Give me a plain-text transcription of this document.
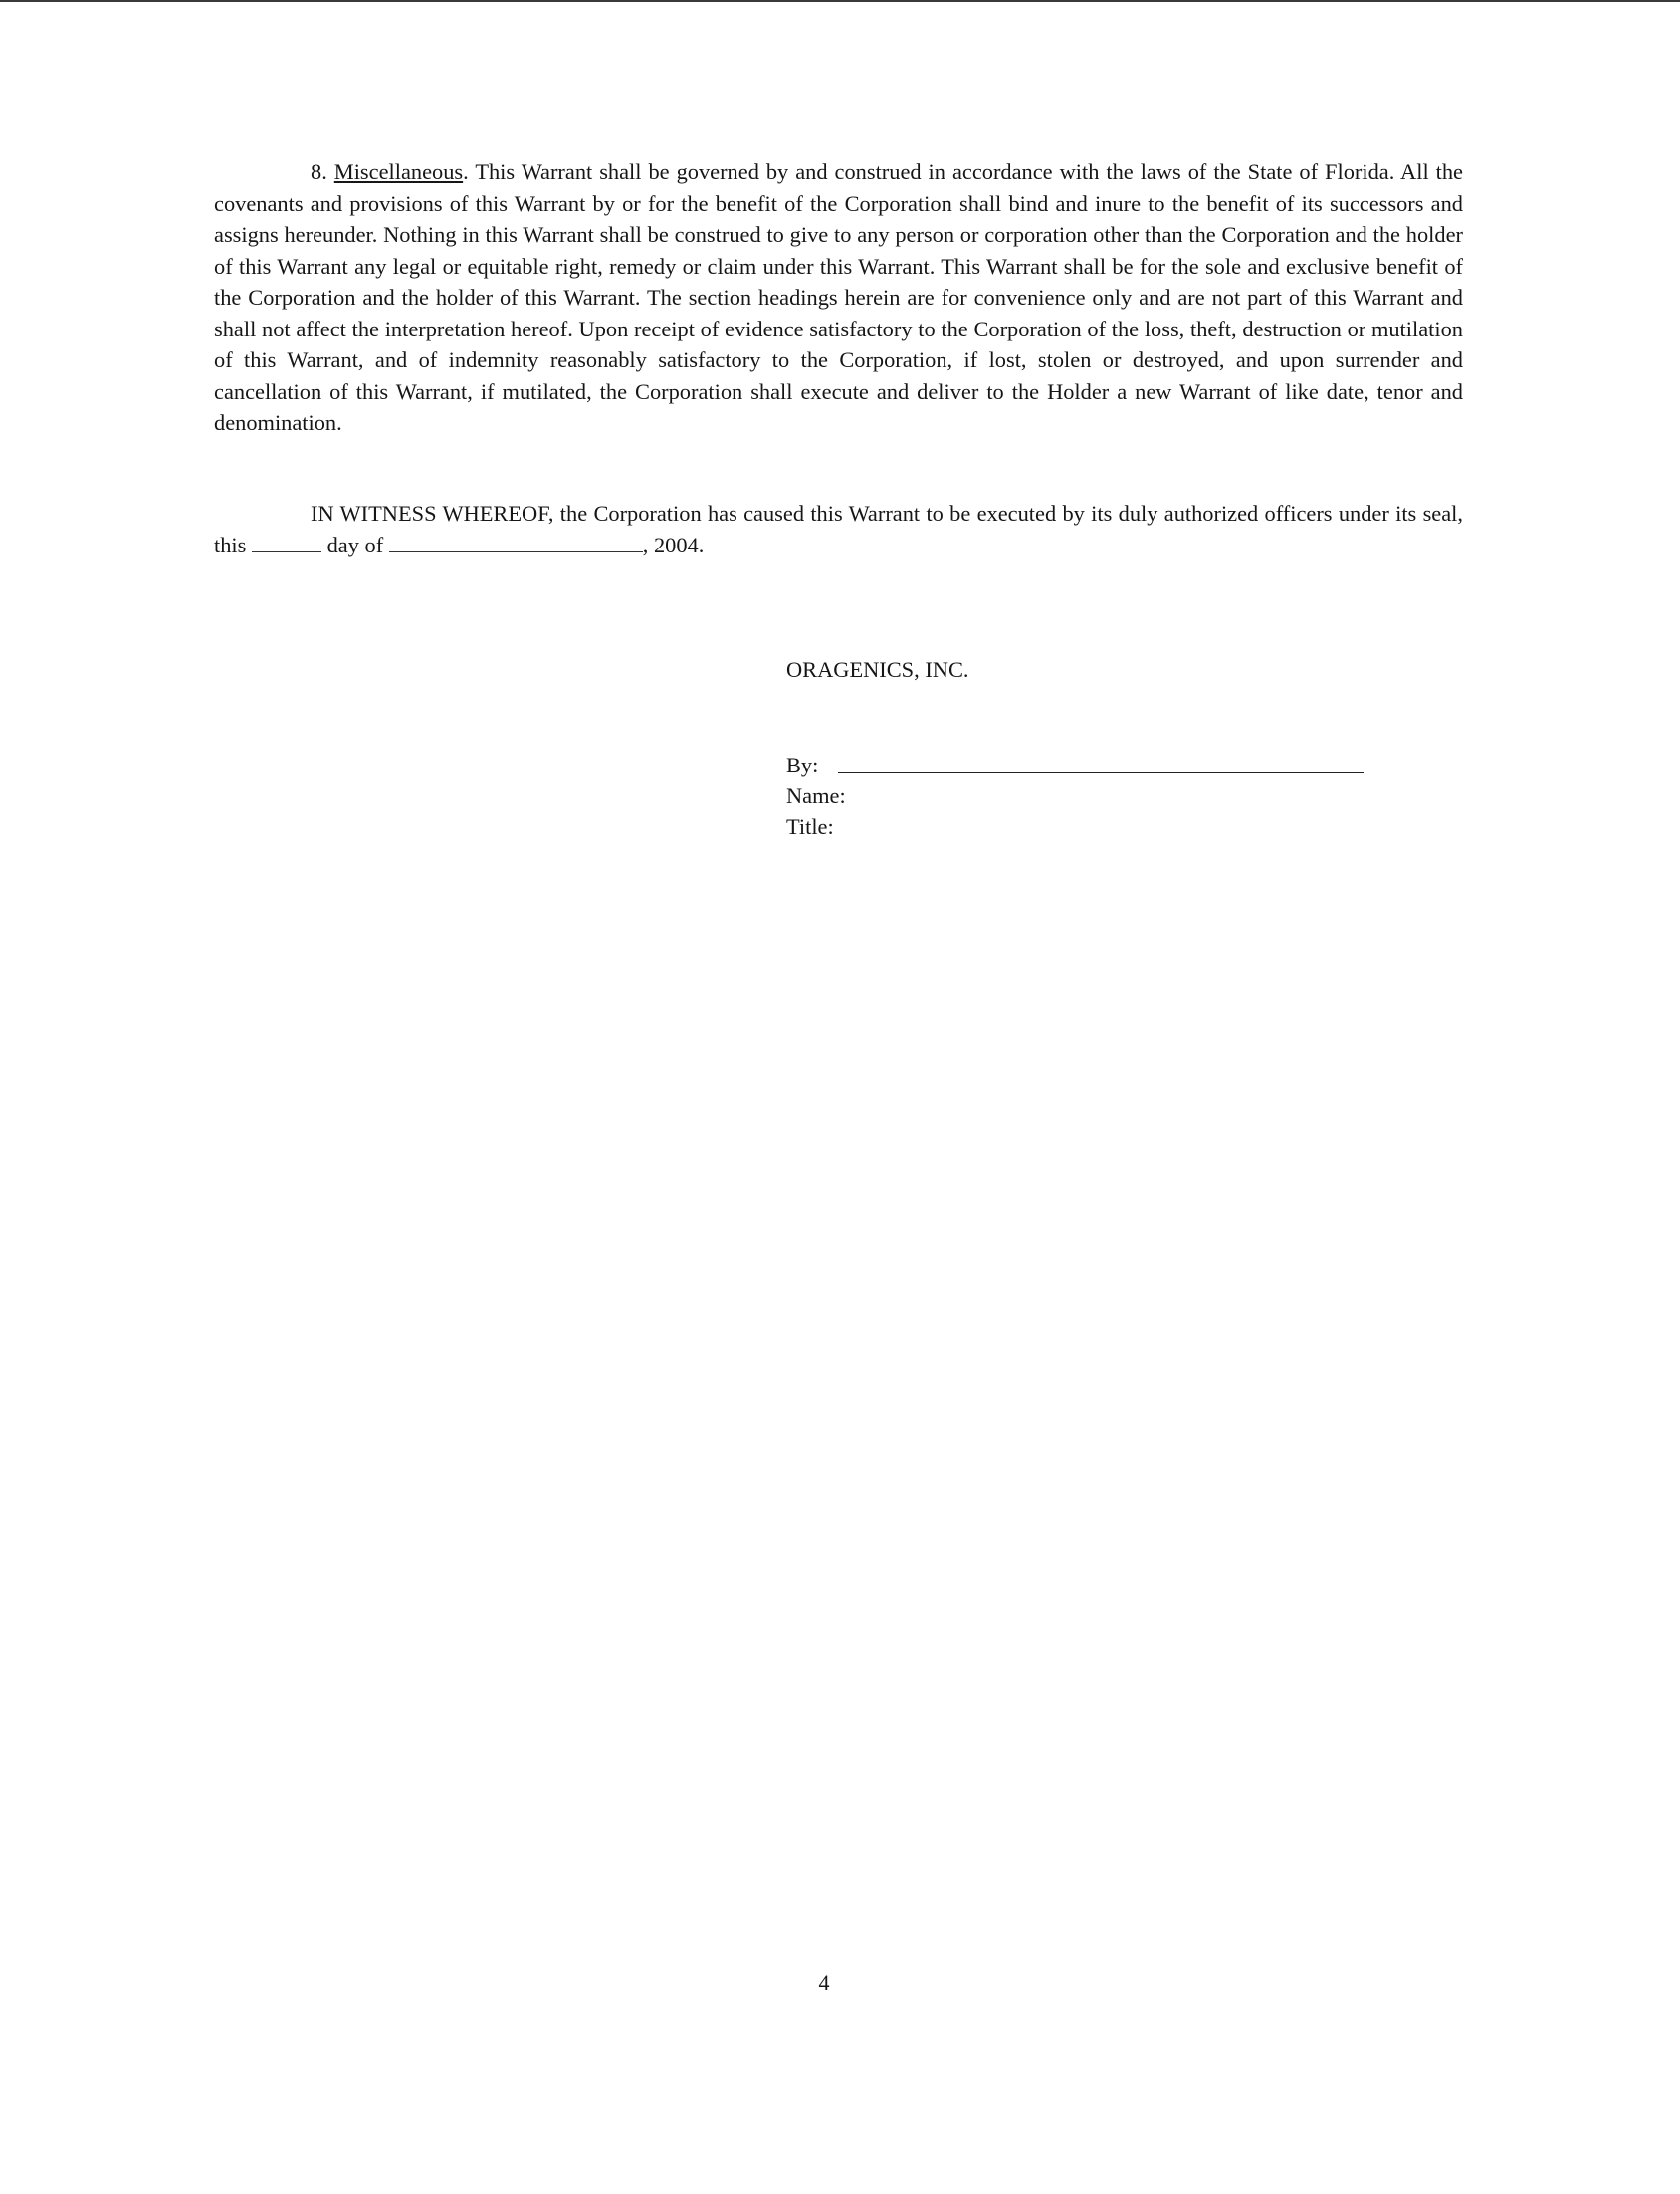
8. Miscellaneous. This Warrant shall be governed by and construed in accordance with the laws of the State of Florida. All the covenants and provisions of this Warrant by or for the benefit of the Corporation shall bind and inure to the benefit of its successors and assigns hereunder. Nothing in this Warrant shall be construed to give to any person or corporation other than the Corporation and the holder of this Warrant any legal or equitable right, remedy or claim under this Warrant. This Warrant shall be for the sole and exclusive benefit of the Corporation and the holder of this Warrant. The section headings herein are for convenience only and are not part of this Warrant and shall not affect the interpretation hereof. Upon receipt of evidence satisfactory to the Corporation of the loss, theft, destruction or mutilation of this Warrant, and of indemnity reasonably satisfactory to the Corporation, if lost, stolen or destroyed, and upon surrender and cancellation of this Warrant, if mutilated, the Corporation shall execute and deliver to the Holder a new Warrant of like date, tenor and denomination.

IN WITNESS WHEREOF, the Corporation has caused this Warrant to be executed by its duly authorized officers under its seal, this	day of	, 2004.

ORAGENICS, INC.
By:
Name:
Title:
4
